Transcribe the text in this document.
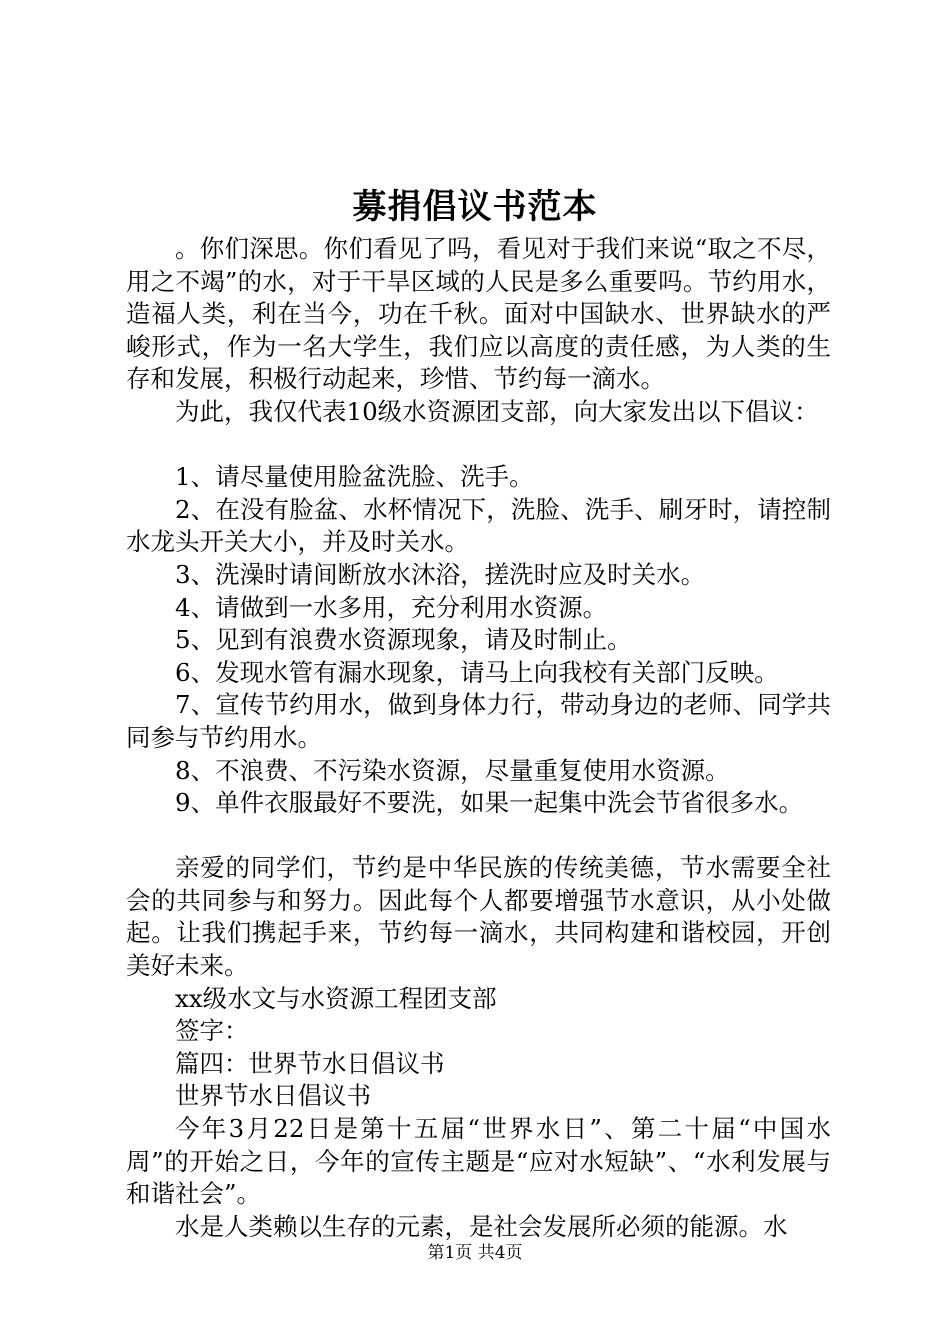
募捐倡议书范本

。你们深思。你们看见了吗，看见对于我们来说“取之不尽，用之不竭”的水，对于干旱区域的人民是多么重要吗。节约用水，造福人类，利在当今，功在千秋。面对中国缺水、世界缺水的严峻形式，作为一名大学生，我们应以高度的责任感，为人类的生存和发展，积极行动起来，珍惜、节约每一滴水。

为此，我仅代表10级水资源团支部，向大家发出以下倡议：

1、请尽量使用脸盆洗脸、洗手。

2、在没有脸盆、水杯情况下，洗脸、洗手、刷牙时，请控制水龙头开关大小，并及时关水。

3、洗澡时请间断放水沐浴，搓洗时应及时关水。

4、请做到一水多用，充分利用水资源。

5、见到有浪费水资源现象，请及时制止。

6、发现水管有漏水现象，请马上向我校有关部门反映。

7、宣传节约用水，做到身体力行，带动身边的老师、同学共同参与节约用水。

8、不浪费、不污染水资源，尽量重复使用水资源。

9、单件衣服最好不要洗，如果一起集中洗会节省很多水。

亲爱的同学们，节约是中华民族的传统美德，节水需要全社会的共同参与和努力。因此每个人都要增强节水意识，从小处做起。让我们携起手来，节约每一滴水，共同构建和谐校园，开创美好未来。

xx级水文与水资源工程团支部

签字：

篇四：世界节水日倡议书

世界节水日倡议书

今年3月22日是第十五届“世界水日”、第二十届“中国水周”的开始之日，今年的宣传主题是“应对水短缺”、“水利发展与和谐社会”。

水是人类赖以生存的元素，是社会发展所必须的能源。水

第1页 共4页
